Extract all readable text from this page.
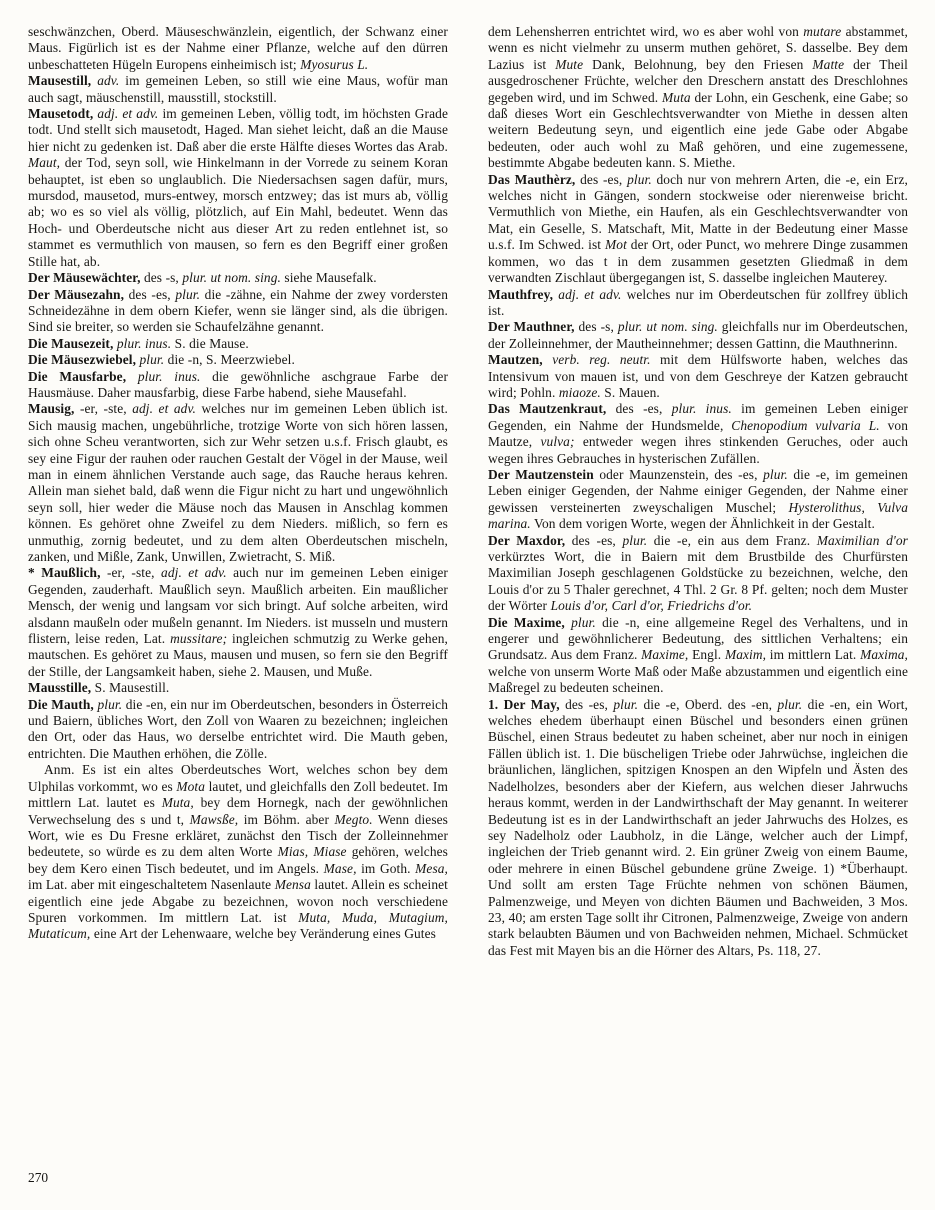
seschwänzchen, Oberd. Mäuseschwänzlein, eigentlich, der Schwanz einer Maus. Figürlich ist es der Nahme einer Pflanze, welche auf den dürren unbeschatteten Hügeln Europens einheimisch ist; Myosurus L.

Mausestill, adv. im gemeinen Leben, so still wie eine Maus, wofür man auch sagt, mäuschenstill, mausstill, stockstill.

Mausetodt, adj. et adv. im gemeinen Leben, völlig todt, im höchsten Grade todt. Und stellt sich mausetodt, Haged. Man siehet leicht, daß an die Mause hier nicht zu gedenken ist. Daß aber die erste Hälfte dieses Wortes das Arab. Maut, der Tod, seyn soll, wie Hinkelmann in der Vorrede zu seinem Koran behauptet, ist eben so unglaublich. Die Niedersachsen sagen dafür, murs, mursdod, mausetod, murs-entwey, morsch entzwey; das ist murs ab, völlig ab; wo es so viel als völlig, plötzlich, auf Ein Mahl, bedeutet. Wenn das Hoch- und Oberdeutsche nicht aus dieser Art zu reden entlehnet ist, so stammet es vermuthlich von mausen, so fern es den Begriff einer großen Stille hat, ab.

Der Mäusewächter, des -s, plur. ut nom. sing. siehe Mausefalk.

Der Mäusezahn, des -es, plur. die -zähne, ein Nahme der zwey vordersten Schneidezähne in dem obern Kiefer, wenn sie länger sind, als die übrigen. Sind sie breiter, so werden sie Schaufelzähne genannt.

Die Mausezeit, plur. inus. S. die Mause.

Die Mäusezwiebel, plur. die -n, S. Meerzwiebel.

Die Mausfarbe, plur. inus. die gewöhnliche aschgraue Farbe der Hausmäuse. Daher mausfarbig, diese Farbe habend, siehe Mausefahl.

Mausig, -er, -ste, adj. et adv. welches nur im gemeinen Leben üblich ist. Sich mausig machen, ungebührliche, trotzige Worte von sich hören lassen, sich ohne Scheu verantworten, sich zur Wehr setzen u.s.f. Frisch glaubt, es sey eine Figur der rauhen oder rauchen Gestalt der Vögel in der Mause, weil man in einem ähnlichen Verstande auch sage, das Rauche heraus kehren. Allein man siehet bald, daß wenn die Figur nicht zu hart und ungewöhnlich seyn soll, hier weder die Mäuse noch das Mausen in Anschlag kommen können. Es gehöret ohne Zweifel zu dem Nieders. mißlich, so fern es unmuthig, zornig bedeutet, und zu dem alten Oberdeutschen mischeln, zanken, und Mißle, Zank, Unwillen, Zwietracht, S. Miß.

* Maußlich, -er, -ste, adj. et adv. auch nur im gemeinen Leben einiger Gegenden, zauderhaft. Maußlich seyn. Maußlich arbeiten. Ein maußlicher Mensch, der wenig und langsam vor sich bringt. Auf solche arbeiten, wird alsdann maußeln oder mußeln genannt. Im Nieders. ist musseln und mustern flistern, leise reden, Lat. mussitare; ingleichen schmutzig zu Werke gehen, mautschen. Es gehöret zu Maus, mausen und musen, so fern sie den Begriff der Stille, der Langsamkeit haben, siehe 2. Mausen, und Muße.

Mausstille, S. Mausestill.

Die Mauth, plur. die -en, ein nur im Oberdeutschen, besonders in Österreich und Baiern, übliches Wort, den Zoll von Waaren zu bezeichnen; ingleichen den Ort, oder das Haus, wo derselbe entrichtet wird. Die Mauth geben, entrichten. Die Mauthen erhöhen, die Zölle.

Anm. Es ist ein altes Oberdeutsches Wort, welches schon bey dem Ulphilas vorkommt, wo es Mota lautet, und gleichfalls den Zoll bedeutet. Im mittlern Lat. lautet es Muta, bey dem Hornegk, nach der gewöhnlichen Verwechselung des s und t, Mawsße, im Böhm. aber Megto. Wenn dieses Wort, wie es Du Fresne erkläret, zunächst den Tisch der Zolleinnehmer bedeutete, so würde es zu dem alten Worte Mias, Miase gehören, welches bey dem Kero einen Tisch bedeutet, und im Angels. Mase, im Goth. Mesa, im Lat. aber mit eingeschaltetem Nasenlaute Mensa lautet. Allein es scheinet eigentlich eine jede Abgabe zu bezeichnen, wovon noch verschiedene Spuren vorkommen. Im mittlern Lat. ist Muta, Muda, Mutagium, Mutaticum, eine Art der Lehenwaare, welche bey Veränderung eines Gutes

dem Lehensherren entrichtet wird, wo es aber wohl von mutare abstammet, wenn es nicht vielmehr zu unserm muthen gehöret, S. dasselbe. Bey dem Lazius ist Mute Dank, Belohnung, bey den Friesen Matte der Theil ausgedroschener Früchte, welcher den Dreschern anstatt des Dreschlohnes gegeben wird, und im Schwed. Muta der Lohn, ein Geschenk, eine Gabe; so daß dieses Wort ein Geschlechtsverwandter von Miethe in dessen alten weitern Bedeutung seyn, und eigentlich eine jede Gabe oder Abgabe bedeuten, oder auch wohl zu Maß gehören, und eine zugemessene, bestimmte Abgabe bedeuten kann. S. Miethe.

Das Mauthèrz, des -es, plur. doch nur von mehrern Arten, die -e, ein Erz, welches nicht in Gängen, sondern stockweise oder nierenweise bricht. Vermuthlich von Miethe, ein Haufen, als ein Geschlechtsverwandter von Mat, ein Geselle, S. Matschaft, Mit, Matte in der Bedeutung einer Masse u.s.f. Im Schwed. ist Mot der Ort, oder Punct, wo mehrere Dinge zusammen kommen, wo das t in dem zusammen gesetzten Gliedmaß in dem verwandten Zischlaut übergegangen ist, S. dasselbe ingleichen Mauterey.

Mauthfrey, adj. et adv. welches nur im Oberdeutschen für zollfrey üblich ist.

Der Mauthner, des -s, plur. ut nom. sing. gleichfalls nur im Oberdeutschen, der Zolleinnehmer, der Mautheinnehmer; dessen Gattinn, die Mauthnerinn.

Mautzen, verb. reg. neutr. mit dem Hülfsworte haben, welches das Intensivum von mauen ist, und von dem Geschreye der Katzen gebraucht wird; Pohln. miaoze. S. Mauen.

Das Mautzenkraut, des -es, plur. inus. im gemeinen Leben einiger Gegenden, ein Nahme der Hundsmelde, Chenopodium vulvaria L. von Mautze, vulva; entweder wegen ihres stinkenden Geruches, oder auch wegen ihres Gebrauches in hysterischen Zufällen.

Der Mautzenstein oder Maunzenstein, des -es, plur. die -e, im gemeinen Leben einiger Gegenden, der Nahme einiger Gegenden, der Nahme einer gewissen versteinerten zweyschaligen Muschel; Hysterolithus, Vulva marina. Von dem vorigen Worte, wegen der Ähnlichkeit in der Gestalt.

Der Maxdor, des -es, plur. die -e, ein aus dem Franz. Maximilian d'or verkürztes Wort, die in Baiern mit dem Brustbilde des Churfürsten Maximilian Joseph geschlagenen Goldstücke zu bezeichnen, welche, den Louis d'or zu 5 Thaler gerechnet, 4 Thl. 2 Gr. 8 Pf. gelten; noch dem Muster der Wörter Louis d'or, Carl d'or, Friedrichs d'or.

Die Maxime, plur. die -n, eine allgemeine Regel des Verhaltens, und in engerer und gewöhnlicherer Bedeutung, des sittlichen Verhaltens; ein Grundsatz. Aus dem Franz. Maxime, Engl. Maxim, im mittlern Lat. Maxima, welche von unserm Worte Maß oder Maße abzustammen und eigentlich eine Maßregel zu bedeuten scheinen.

1. Der May, des -es, plur. die -e, Oberd. des -en, plur. die -en, ein Wort, welches ehedem überhaupt einen Büschel und besonders einen grünen Büschel, einen Straus bedeutet zu haben scheinet, aber nur noch in einigen Fällen üblich ist. 1. Die büscheligen Triebe oder Jahrwüchse, ingleichen die bräunlichen, länglichen, spitzigen Knospen an den Wipfeln und Ästen des Nadelholzes, besonders aber der Kiefern, aus welchen dieser Jahrwuchs heraus kommt, werden in der Landwirthschaft der May genannt. In weiterer Bedeutung ist es in der Landwirthschaft an jeder Jahrwuchs des Holzes, es sey Nadelholz oder Laubholz, in die Länge, welcher auch der Limpf, ingleichen der Trieb genannt wird. 2. Ein grüner Zweig von einem Baume, oder mehrere in einen Büschel gebundene grüne Zweige. 1) *Überhaupt. Und sollt am ersten Tage Früchte nehmen von schönen Bäumen, Palmenzweige, und Meyen von dichten Bäumen und Bachweiden, 3 Mos. 23, 40; am ersten Tage sollt ihr Citronen, Palmenzweige, Zweige von andern stark belaubten Bäumen und von Bachweiden nehmen, Michael. Schmücket das Fest mit Mayen bis an die Hörner des Altars, Ps. 118, 27.

270
